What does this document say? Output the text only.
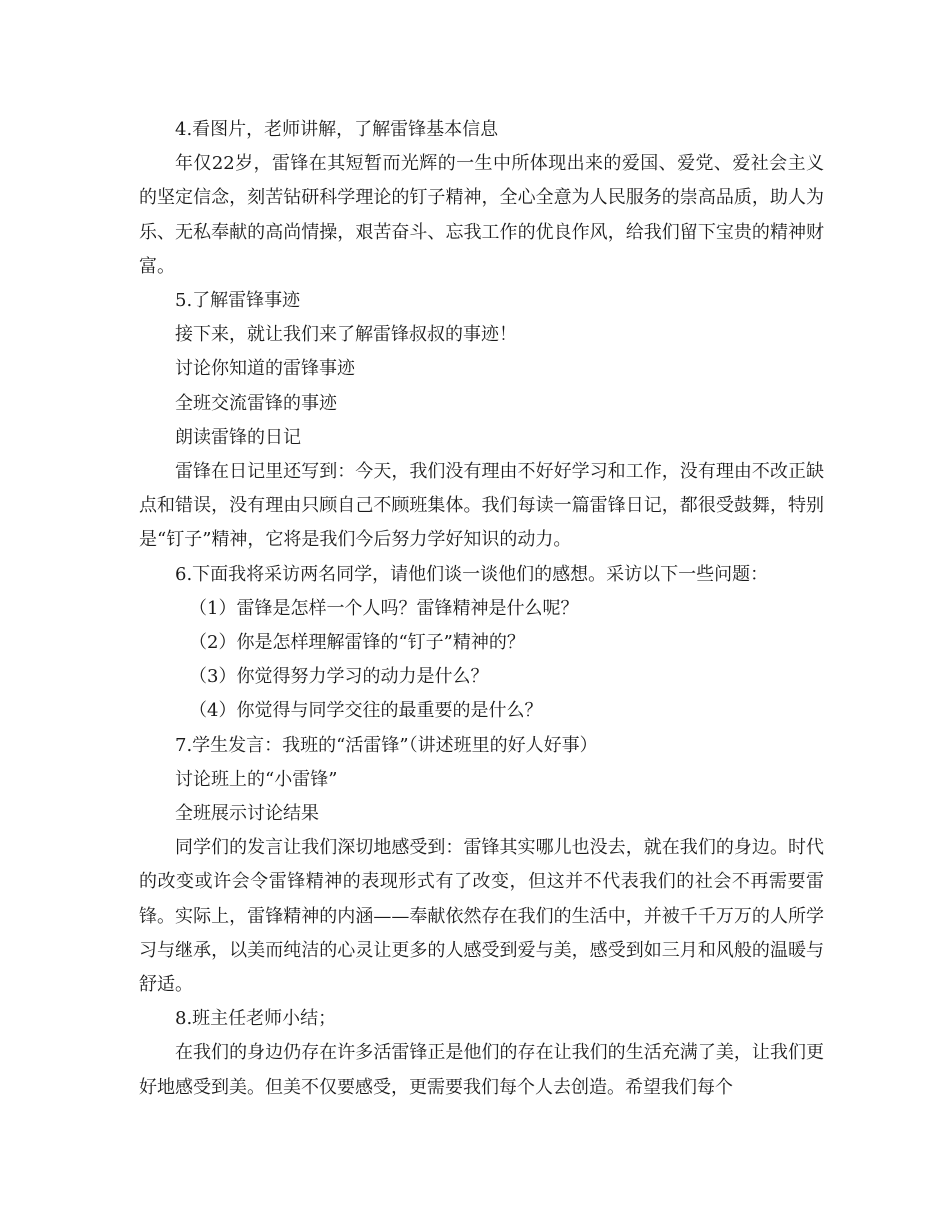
4.看图片，老师讲解，了解雷锋基本信息

年仅22岁，雷锋在其短暂而光辉的一生中所体现出来的爱国、爱党、爱社会主义的坚定信念，刻苦钻研科学理论的钉子精神，全心全意为人民服务的崇高品质，助人为乐、无私奉献的高尚情操，艰苦奋斗、忘我工作的优良作风，给我们留下宝贵的精神财富。

5.了解雷锋事迹

接下来，就让我们来了解雷锋叔叔的事迹！

讨论你知道的雷锋事迹

全班交流雷锋的事迹

朗读雷锋的日记

雷锋在日记里还写到：今天，我们没有理由不好好学习和工作，没有理由不改正缺点和错误，没有理由只顾自己不顾班集体。我们每读一篇雷锋日记，都很受鼓舞，特别是“钉子”精神，它将是我们今后努力学好知识的动力。

6.下面我将采访两名同学，请他们谈一谈他们的感想。采访以下一些问题：

（1）雷锋是怎样一个人吗？雷锋精神是什么呢？

（2）你是怎样理解雷锋的“钉子”精神的？

（3）你觉得努力学习的动力是什么？

（4）你觉得与同学交往的最重要的是什么？

7.学生发言：我班的“活雷锋”（讲述班里的好人好事）

讨论班上的“小雷锋”

全班展示讨论结果

同学们的发言让我们深切地感受到：雷锋其实哪儿也没去，就在我们的身边。时代的改变或许会令雷锋精神的表现形式有了改变，但这并不代表我们的社会不再需要雷锋。实际上，雷锋精神的内涵——奉献依然存在我们的生活中，并被千千万万的人所学习与继承，以美而纯洁的心灵让更多的人感受到爱与美，感受到如三月和风般的温暖与舒适。

8.班主任老师小结；

在我们的身边仍存在许多活雷锋正是他们的存在让我们的生活充满了美，让我们更好地感受到美。但美不仅要感受，更需要我们每个人去创造。希望我们每个
